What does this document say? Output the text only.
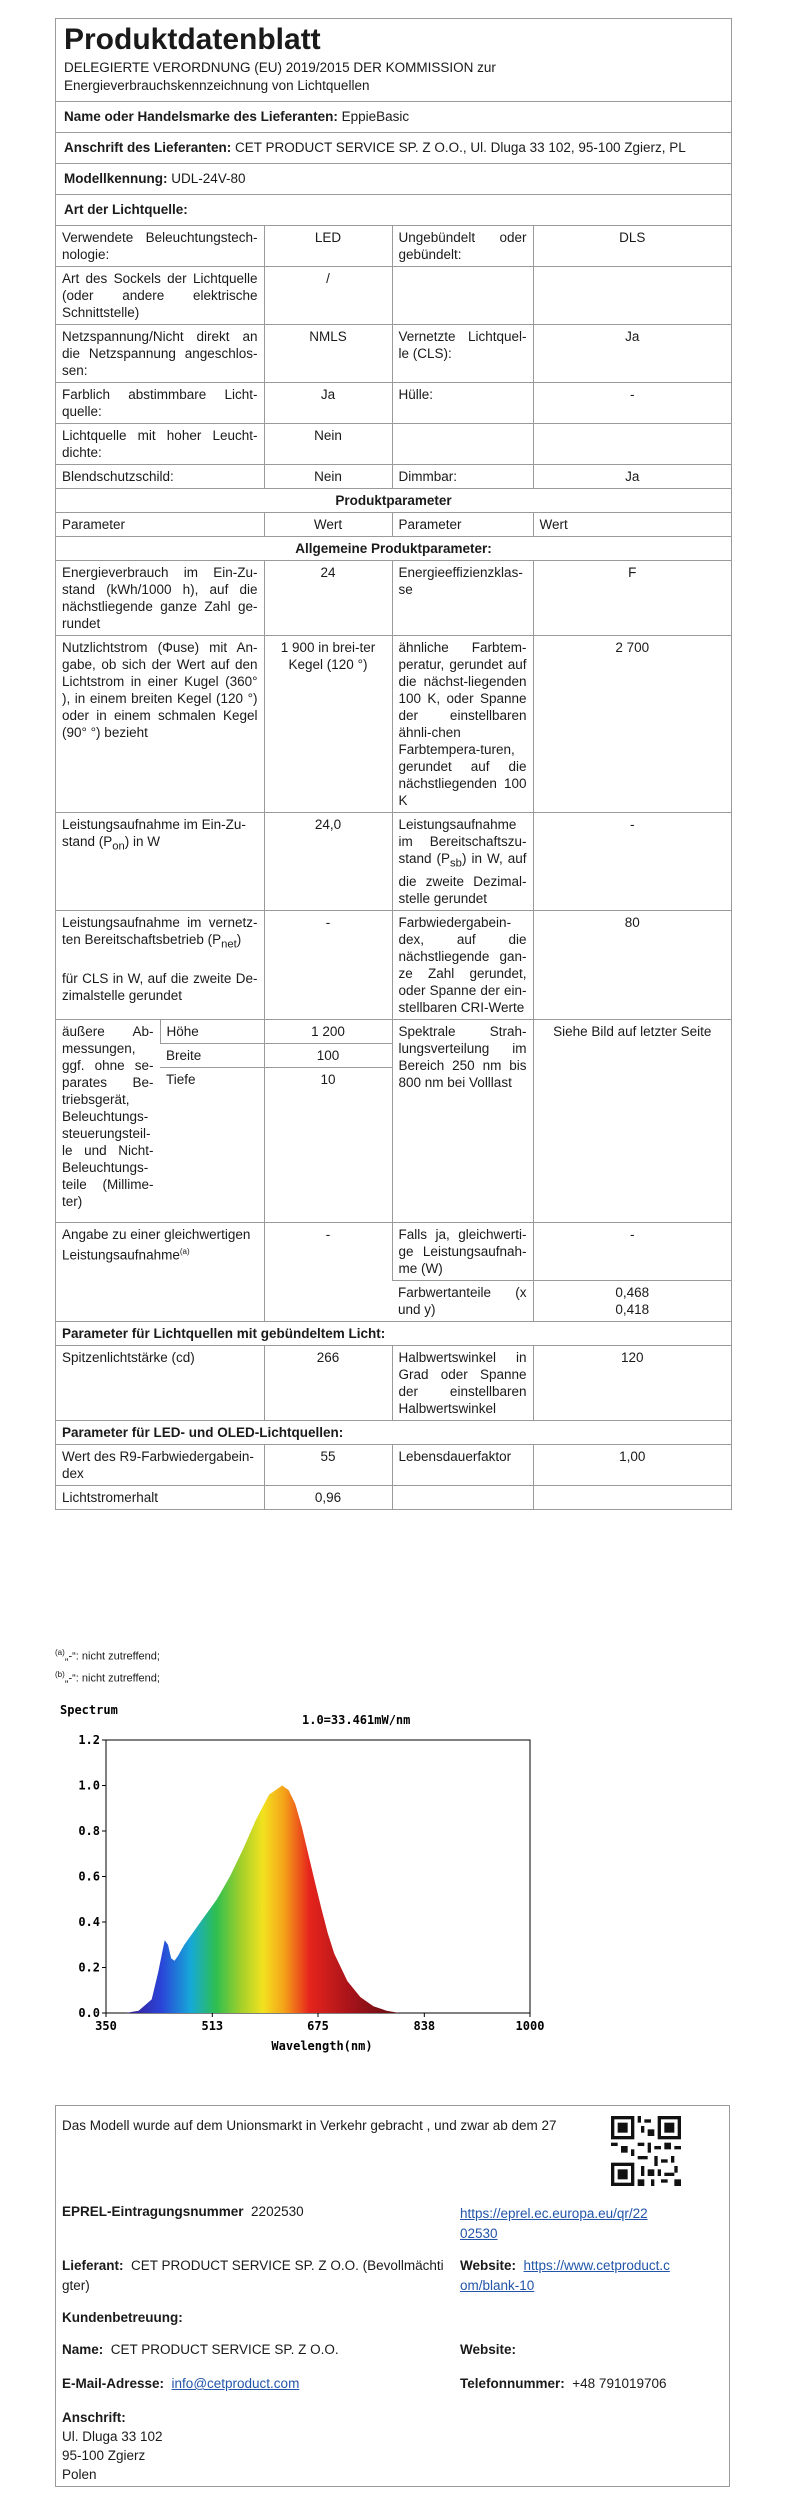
Produktdatenblatt
DELEGIERTE VERORDNUNG (EU) 2019/2015 DER KOMMISSION zur
Energieverbrauchskennzeichnung von Lichtquellen
Name oder Handelsmarke des Lieferanten: EppieBasic
Anschrift des Lieferanten: CET PRODUCT SERVICE SP. Z O.O., Ul. Dluga 33 102, 95-100 Zgierz, PL
Modellkennung: UDL-24V-80
Art der Lichtquelle:
Verwendete Beleuchtungstech-nologie:	LED	Ungebündelt oder gebündelt:	DLS
Art des Sockels der Lichtquelle (oder andere elektrische Schnittstelle)	/		
Netzspannung/Nicht direkt an die Netzspannung angeschlos-sen:	NMLS	Vernetzte Lichtquel-le (CLS):	Ja
Farblich abstimmbare Licht-quelle:	Ja	Hülle:	-
Lichtquelle mit hoher Leucht-dichte:	Nein		
Blendschutzschild:	Nein	Dimmbar:	Ja
Produktparameter				
Parameter		Wert	Parameter	Wert
Allgemeine Produktparameter:				
Energieverbrauch im Ein-Zu-stand (kWh/1000 h), auf die nächstliegende ganze Zahl ge-rundet		24	Energieeffizienzklas-se	F
Nutzlichtstrom (Φuse) mit An-gabe, ob sich der Wert auf den Lichtstrom in einer Kugel (360° ), in einem breiten Kegel (120 °) oder in einem schmalen Kegel (90° °) bezieht		1 900 in brei-ter Kegel (120 °)	ähnliche Farbtem-peratur, gerundet auf die nächst-liegenden 100 K, oder Spanne der einstellbaren ähnli-chen Farbtempera-turen, gerundet auf die nächstliegenden 100 K	2 700
Leistungsaufnahme im Ein-Zu-stand $(P_{on})$ in W		24,0	Leistungsaufnahme im Bereitschaftszu-stand $(P_{sb})$ in W, auf die zweite Dezimal-stelle gerundet	-
Leistungsaufnahme im vernetz-ten Bereitschaftsbetrieb $(P_{net})$

für CLS in W, auf die zweite De-zimalstelle gerundet		-	Farbwiedergabein-dex, auf die nächstliegende gan-ze Zahl gerundet, oder Spanne der ein-stellbaren CRI-Werte	80
äußere Ab-messungen, ggf. ohne se-parates Be-triebsgerät, Beleuchtungs-steuerungsteil-le und Nicht-Beleuchtungs-teile (Millime-ter)	Höhe	1 200	Spektrale Strah-lungsverteilung im Bereich 250 nm bis 800 nm bei Volllast	Siehe Bild auf letzter Seite
	Breite	100		
	Tiefe	10		
Angabe zu einer gleichwertigen Leistungsaufnahme$^{(a)}$		-	Falls ja, gleichwerti-ge Leistungsaufnah-me (W)	-
			Farbwertanteile (x und y)	0,468
0,418

Parameter für Lichtquellen mit gebündeltem Licht:				
Spitzenlichtstärke (cd)		266	Halbwertswinkel in Grad oder Spanne der einstellbaren Halbwertswinkel	120
Parameter für LED- und OLED-Lichtquellen:				
Wert des R9-Farbwiedergabein-dex		55	Lebensdauerfaktor	1,00
Lichtstromerhalt		0,96		
$^{(a)}$„-“: nicht zutreffend;
$^{(b)}$„-“: nicht zutreffend;
Spectrum
1.0=33.461mW/nm
Wavelength(nm)
0.0
0.2
0.4
0.6
0.8
1.0
1.2
350	513	675	838	1000
Das Modell wurde auf dem Unionsmarkt in Verkehr gebracht , und zwar ab dem 27
EPREL-Eintragungsnummer 2202530	https://eprel.ec.europa.eu/qr/22
02530
Lieferant: CET PRODUCT SERVICE SP. Z O.O. (Bevollmächti
gter)
Website: https://www.cetproduct.c
om/blank-10
Kundenbetreuung:
Name: CET PRODUCT SERVICE SP. Z O.O.	Website:
E-Mail-Adresse: info@cetproduct.com	Telefonnummer: +48 791019706
Anschrift:
Ul. Dluga 33 102
95-100 Zgierz
Polen
